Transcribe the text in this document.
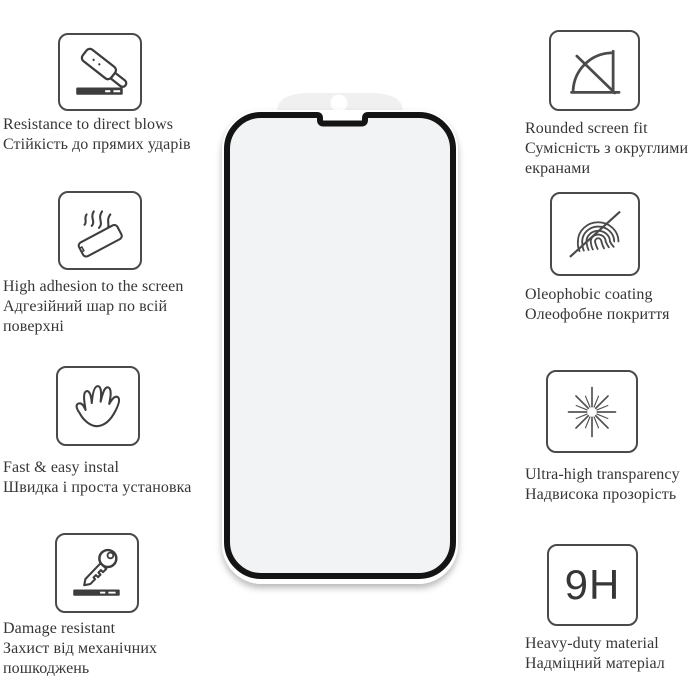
Resistance to direct blows
Стійкість до прямих ударів
High adhesion to the screen
Адгезійний шар по всій
поверхні
Fast & easy instal
Швидка і проста установка
Damage resistant
Захист від механічних
пошкоджень
Rounded screen fit
Сумісність з округлими
екранами
Oleophobic coating
Олеофобне покриття
Ultra-high transparency
Надвисока прозорість
9H
Heavy-duty material
Надміцний матеріал
